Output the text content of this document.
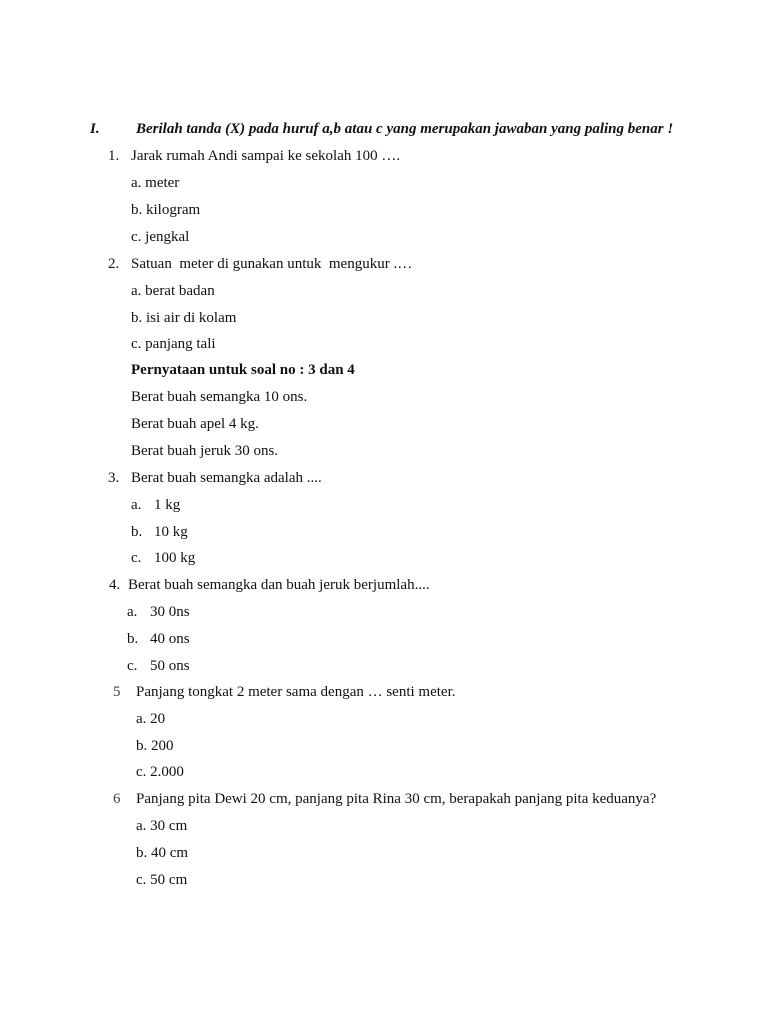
I. Berilah tanda (X) pada huruf a,b atau c yang merupakan jawaban yang paling benar !
1. Jarak rumah Andi sampai ke sekolah 100 ….
a. meter
b. kilogram
c. jengkal
2. Satuan  meter di gunakan untuk  mengukur .…
a. berat badan
b. isi air di kolam
c. panjang tali
Pernyataan untuk soal no : 3 dan 4
Berat buah semangka 10 ons.
Berat buah apel 4 kg.
Berat buah jeruk 30 ons.
3. Berat buah semangka adalah ....
a. 1 kg
b. 10 kg
c. 100 kg
4. Berat buah semangka dan buah jeruk berjumlah....
a. 30 0ns
b. 40 ons
c. 50 ons
5 Panjang tongkat 2 meter sama dengan … senti meter.
a. 20
b. 200
c. 2.000
6 Panjang pita Dewi 20 cm, panjang pita Rina 30 cm, berapakah panjang pita keduanya?
a. 30 cm
b. 40 cm
c. 50 cm
